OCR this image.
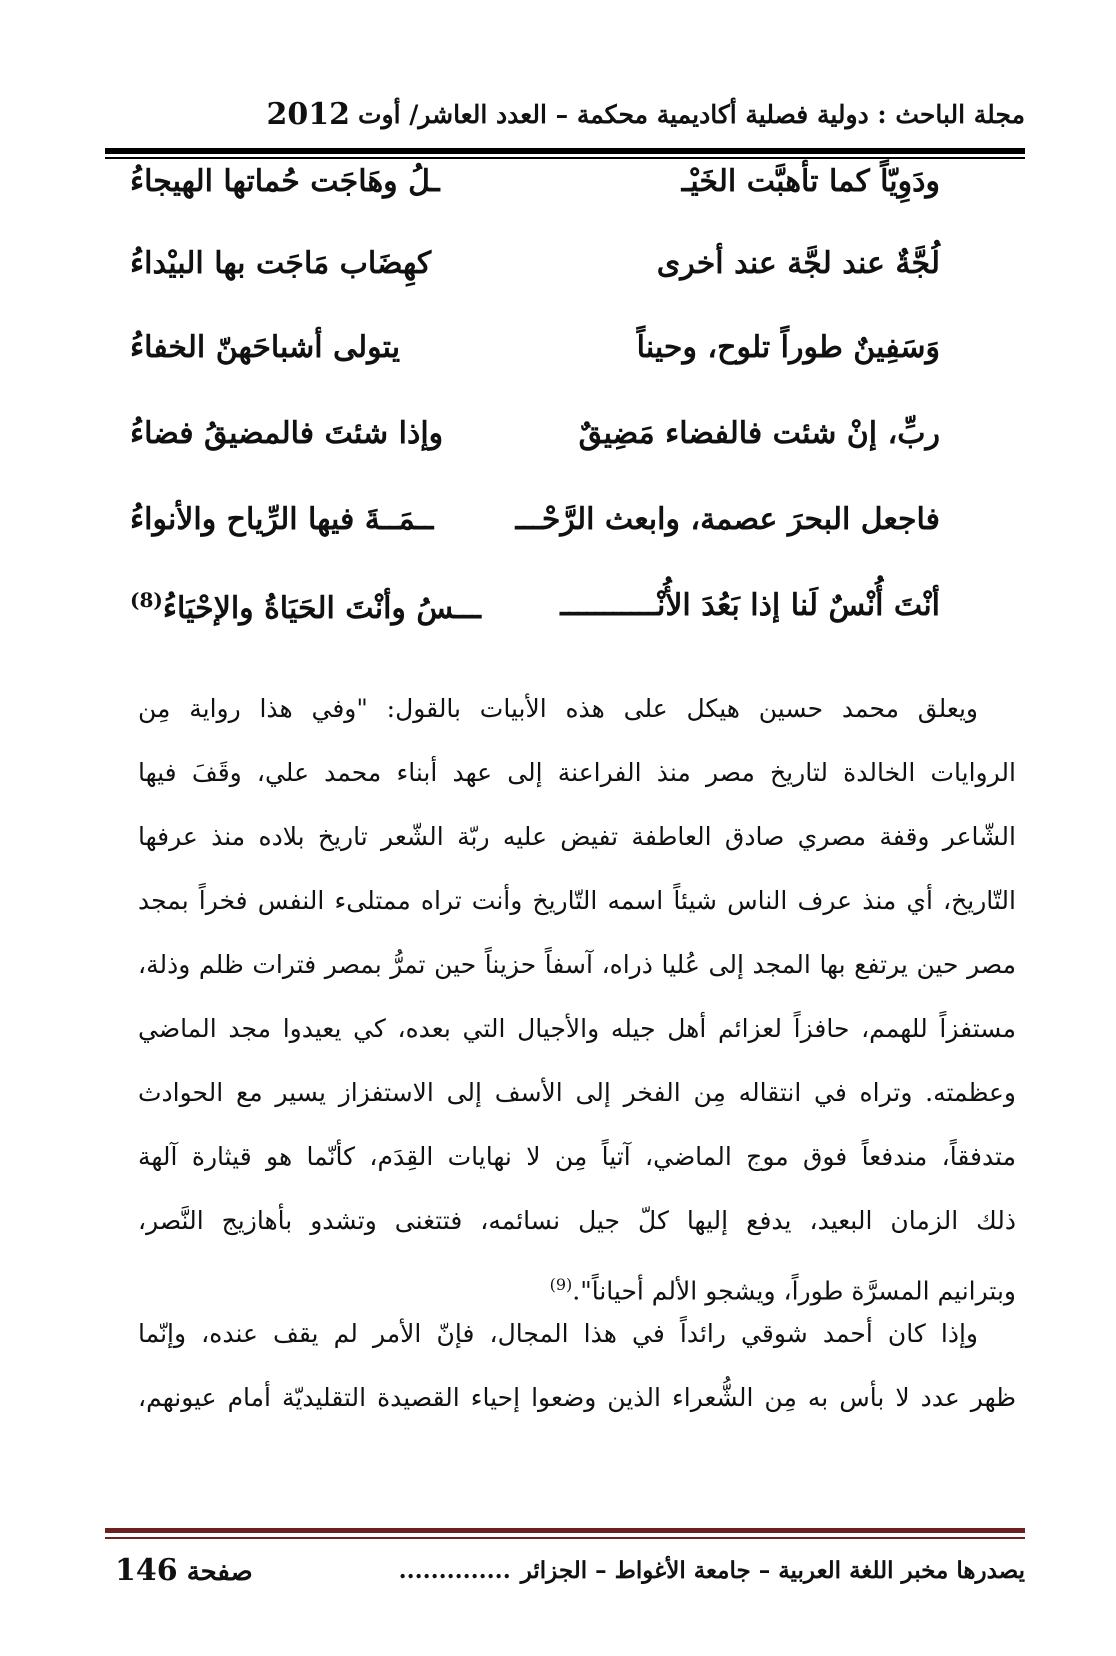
مجلة الباحث : دولية فصلية أكاديمية محكمة – العدد العاشر/ أوت
2012
ودَوِيّاً كما تأهبَّت الخَيْـ
ـلُ وهَاجَت حُماتها الهيجاءُ
لُجَّةٌ عند لجَّة عند أخرى
كهِضَاب مَاجَت بها البيْداءُ
وَسَفِينٌ طوراً تلوح، وحيناً
يتولى أشباحَهنّ الخفاءُ
ربِّ، إنْ شئت فالفضاء مَضِيقٌ
وإذا شئتَ فالمضيقُ فضاءُ
فاجعل البحرَ عصمة، وابعث الرَّحْـــ
ــمَــةَ فيها الرِّياح والأنواءُ
أنْتَ أُنْسٌ لَنا إذا بَعُدَ الأُنْـــــــــــ
ـــسُ وأنْتَ الحَيَاةُ والإحْيَاءُ$^{(8)}$

ويعلق محمد حسين هيكل على هذه الأبيات بالقول: "وفي هذا رواية مِن

الروايات الخالدة لتاريخ مصر منذ الفراعنة إلى عهد أبناء محمد علي، وقَفَ فيها

الشّاعر وقفة مصري صادق العاطفة تفيض عليه ربّة الشّعر تاريخ بلاده منذ عرفها

التّاريخ، أي منذ عرف الناس شيئاً اسمه التّاريخ وأنت تراه ممتلىء النفس فخراً بمجد

مصر حين يرتفع بها المجد إلى عُليا ذراه، آسفاً حزيناً حين تمرُّ بمصر فترات ظلم وذلة،

مستفزاً للهمم، حافزاً لعزائم أهل جيله والأجيال التي بعده، كي يعيدوا مجد الماضي

وعظمته. وتراه في انتقاله مِن الفخر إلى الأسف إلى الاستفزاز يسير مع الحوادث

متدفقاً، مندفعاً فوق موج الماضي، آتياً مِن لا نهايات القِدَم، كأنّما هو قيثارة آلهة

ذلك الزمان البعيد، يدفع إليها كلّ جيل نسائمه، فتتغنى وتشدو بأهازيج النَّصر،

وبترانيم المسرَّة طوراً، ويشجو الألم أحياناً".$^{(9)}$

وإذا كان أحمد شوقي رائداً في هذا المجال، فإنّ الأمر لم يقف عنده، وإنّما

ظهر عدد لا بأس به مِن الشُّعراء الذين وضعوا إحياء القصيدة التقليديّة أمام عيونهم،

يصدرها مخبر اللغة العربية – جامعة الأغواط – الجزائر..............
صفحة 146
